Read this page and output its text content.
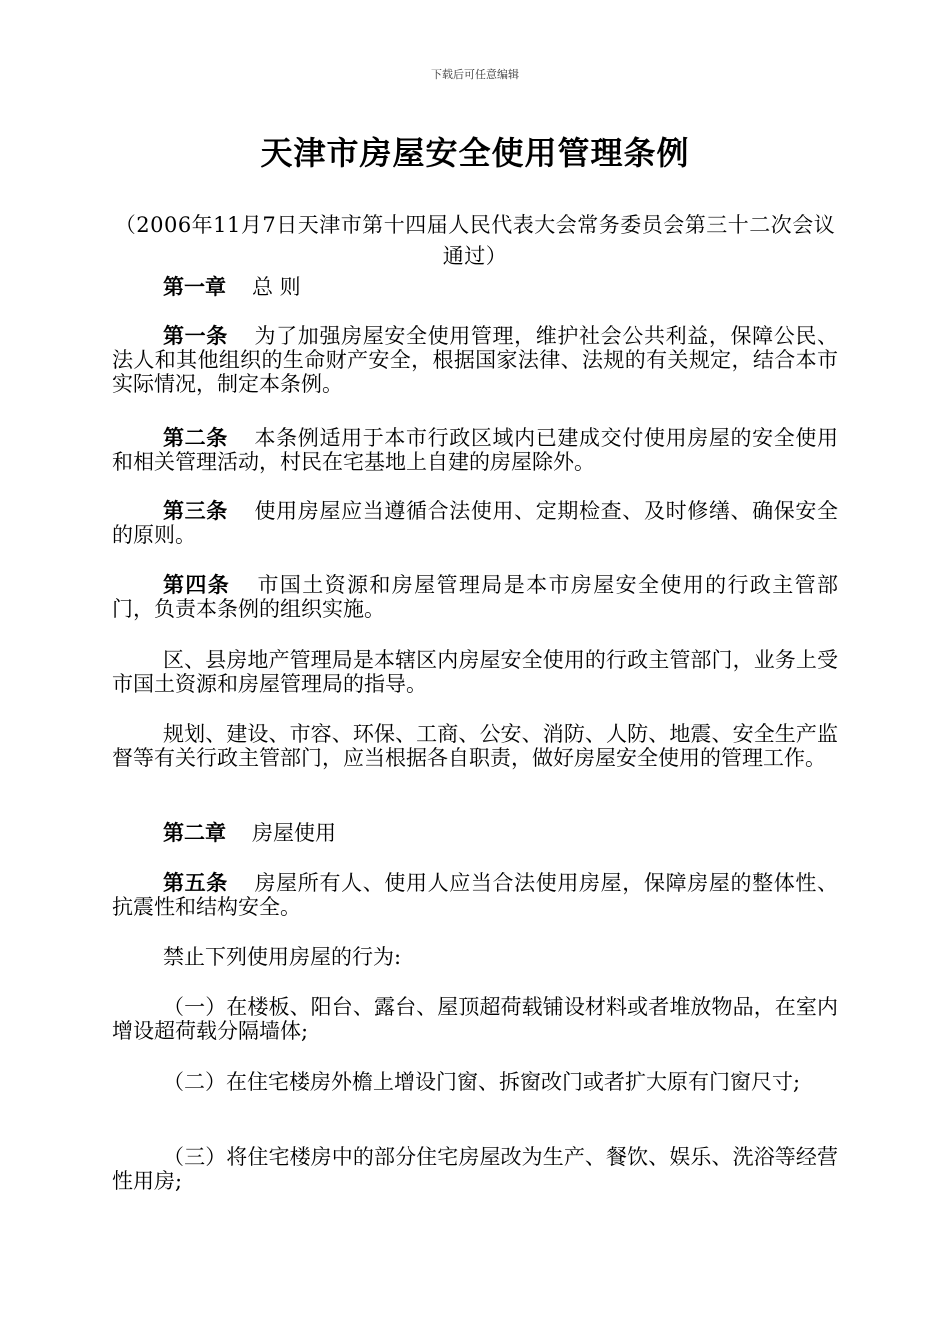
下载后可任意编辑
天津市房屋安全使用管理条例
（2006年11月7日天津市第十四届人民代表大会常务委员会第三十二次会议通过）
第一章 总 则
第一条 为了加强房屋安全使用管理，维护社会公共利益，保障公民、法人和其他组织的生命财产安全，根据国家法律、法规的有关规定，结合本市实际情况，制定本条例。
第二条 本条例适用于本市行政区域内已建成交付使用房屋的安全使用和相关管理活动，村民在宅基地上自建的房屋除外。
第三条 使用房屋应当遵循合法使用、定期检查、及时修缮、确保安全的原则。
第四条 市国土资源和房屋管理局是本市房屋安全使用的行政主管部门，负责本条例的组织实施。
区、县房地产管理局是本辖区内房屋安全使用的行政主管部门，业务上受市国土资源和房屋管理局的指导。
规划、建设、市容、环保、工商、公安、消防、人防、地震、安全生产监督等有关行政主管部门，应当根据各自职责，做好房屋安全使用的管理工作。
第二章 房屋使用
第五条 房屋所有人、使用人应当合法使用房屋，保障房屋的整体性、抗震性和结构安全。
禁止下列使用房屋的行为:
（一）在楼板、阳台、露台、屋顶超荷载铺设材料或者堆放物品，在室内增设超荷载分隔墙体;
（二）在住宅楼房外檐上增设门窗、拆窗改门或者扩大原有门窗尺寸;
（三）将住宅楼房中的部分住宅房屋改为生产、餐饮、娱乐、洗浴等经营性用房;
